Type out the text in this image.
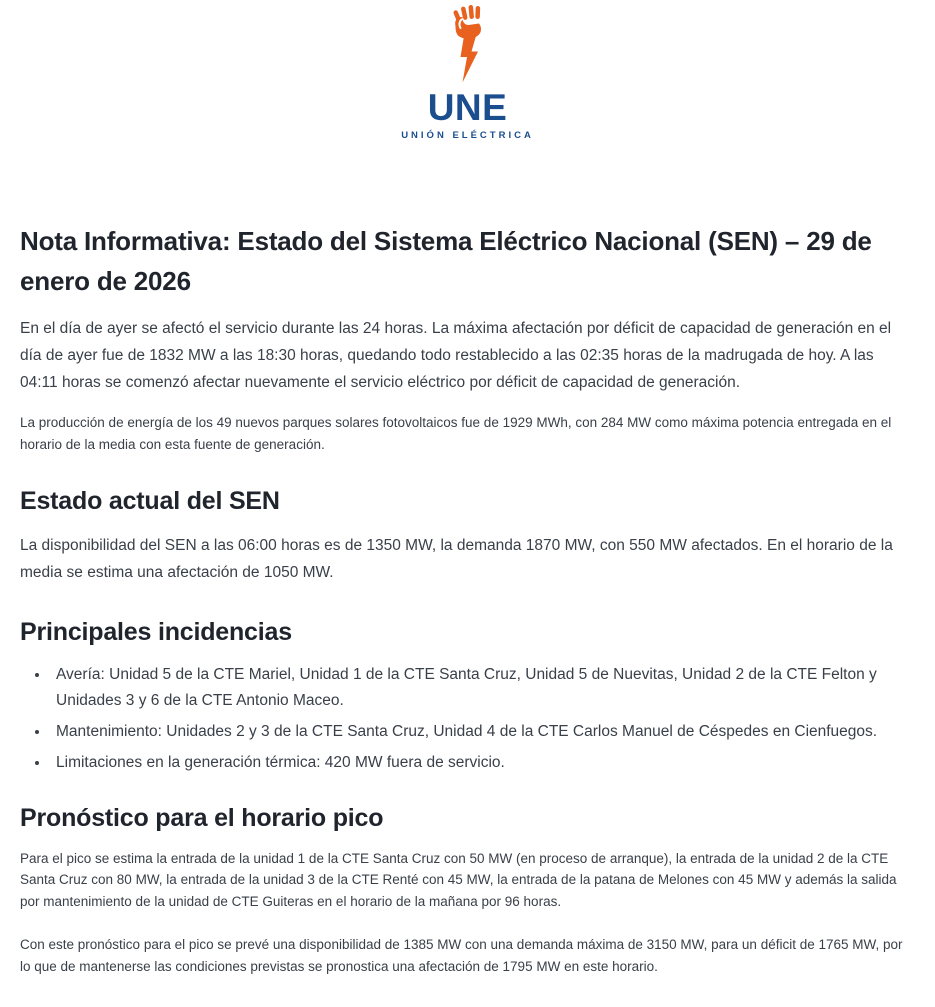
UNE
UNIÓN ELÉCTRICA
Nota Informativa: Estado del Sistema Eléctrico Nacional (SEN) – 29 de enero de 2026

En el día de ayer se afectó el servicio durante las 24 horas. La máxima afectación por déficit de capacidad de generación en el día de ayer fue de 1832 MW a las 18:30 horas, quedando todo restablecido a las 02:35 horas de la madrugada de hoy. A las 04:11 horas se comenzó afectar nuevamente el servicio eléctrico por déficit de capacidad de generación.

La producción de energía de los 49 nuevos parques solares fotovoltaicos fue de 1929 MWh, con 284 MW como máxima potencia entregada en el horario de la media con esta fuente de generación.

Estado actual del SEN

La disponibilidad del SEN a las 06:00 horas es de 1350 MW, la demanda 1870 MW, con 550 MW afectados. En el horario de la media se estima una afectación de 1050 MW.

Principales incidencias
• Avería: Unidad 5 de la CTE Mariel, Unidad 1 de la CTE Santa Cruz, Unidad 5 de Nuevitas, Unidad 2 de la CTE Felton y Unidades 3 y 6 de la CTE Antonio Maceo.
• Mantenimiento: Unidades 2 y 3 de la CTE Santa Cruz, Unidad 4 de la CTE Carlos Manuel de Céspedes en Cienfuegos.
• Limitaciones en la generación térmica: 420 MW fuera de servicio.
Pronóstico para el horario pico

Para el pico se estima la entrada de la unidad 1 de la CTE Santa Cruz con 50 MW (en proceso de arranque), la entrada de la unidad 2 de la CTE Santa Cruz con 80 MW, la entrada de la unidad 3 de la CTE Renté con 45 MW, la entrada de la patana de Melones con 45 MW y además la salida por mantenimiento de la unidad de CTE Guiteras en el horario de la mañana por 96 horas.

Con este pronóstico para el pico se prevé una disponibilidad de 1385 MW con una demanda máxima de 3150 MW, para un déficit de 1765 MW, por lo que de mantenerse las condiciones previstas se pronostica una afectación de 1795 MW en este horario.
